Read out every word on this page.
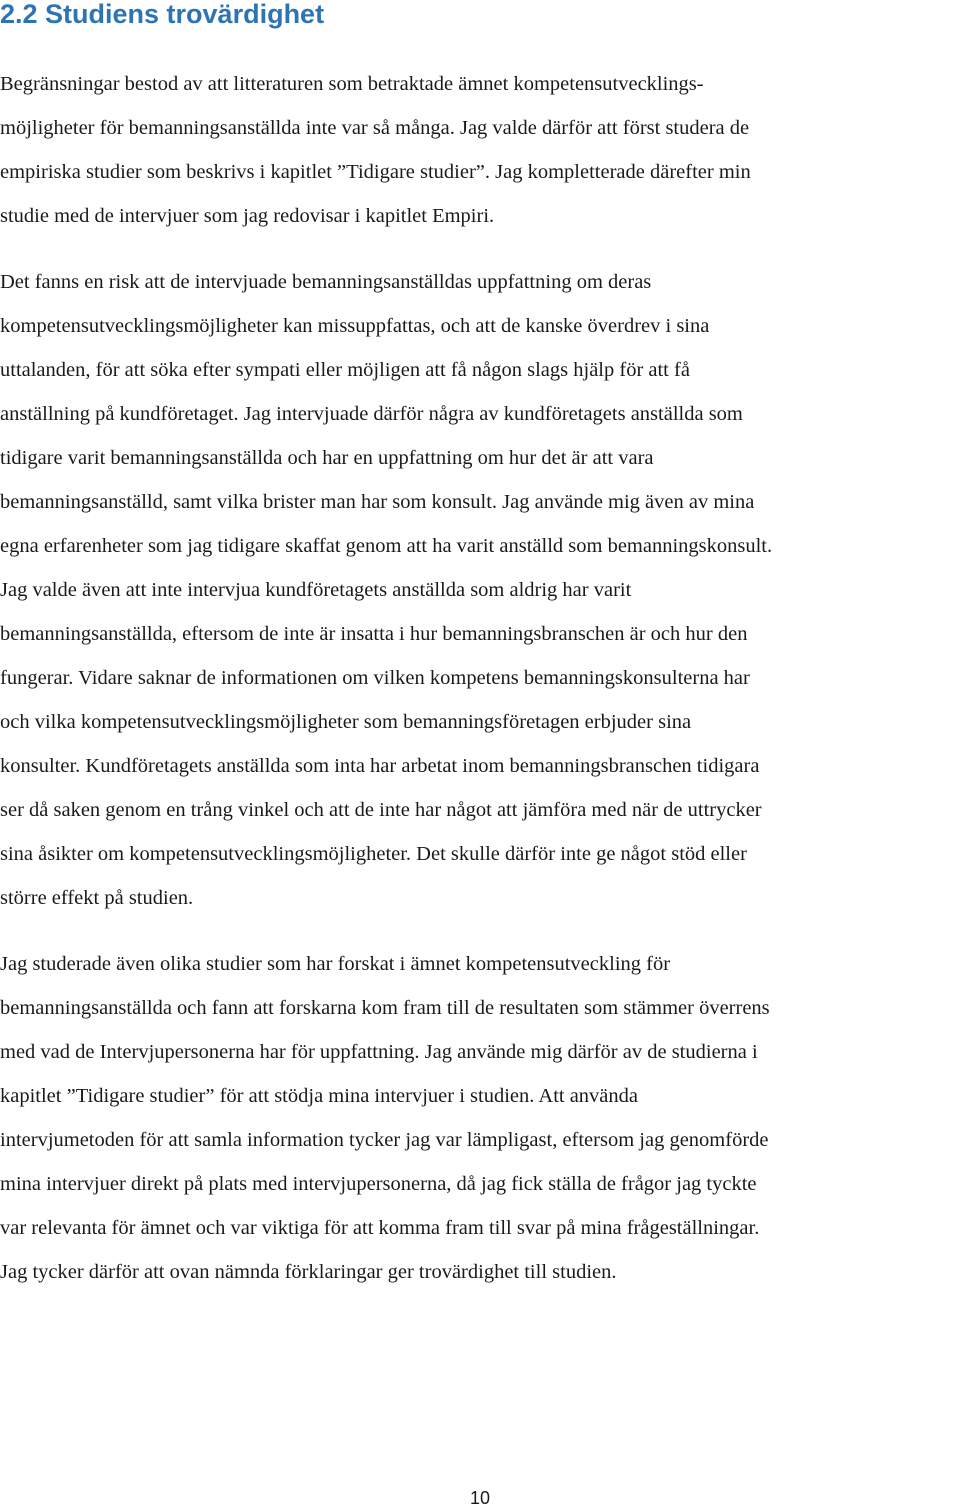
2.2 Studiens trovärdighet

Begränsningar bestod av att litteraturen som betraktade ämnet kompetensutvecklings-
möjligheter för bemanningsanställda inte var så många. Jag valde därför att först studera de
empiriska studier som beskrivs i kapitlet ”Tidigare studier”. Jag kompletterade därefter min
studie med de intervjuer som jag redovisar i kapitlet Empiri.

Det fanns en risk att de intervjuade bemanningsanställdas uppfattning om deras
kompetensutvecklingsmöjligheter kan missuppfattas, och att de kanske överdrev i sina
uttalanden, för att söka efter sympati eller möjligen att få någon slags hjälp för att få
anställning på kundföretaget. Jag intervjuade därför några av kundföretagets anställda som
tidigare varit bemanningsanställda och har en uppfattning om hur det är att vara
bemanningsanställd, samt vilka brister man har som konsult. Jag använde mig även av mina
egna erfarenheter som jag tidigare skaffat genom att ha varit anställd som bemanningskonsult.
Jag valde även att inte intervjua kundföretagets anställda som aldrig har varit
bemanningsanställda, eftersom de inte är insatta i hur bemanningsbranschen är och hur den
fungerar. Vidare saknar de informationen om vilken kompetens bemanningskonsulterna har
och vilka kompetensutvecklingsmöjligheter som bemanningsföretagen erbjuder sina
konsulter. Kundföretagets anställda som inta har arbetat inom bemanningsbranschen tidigara
ser då saken genom en trång vinkel och att de inte har något att jämföra med när de uttrycker
sina åsikter om kompetensutvecklingsmöjligheter. Det skulle därför inte ge något stöd eller
större effekt på studien.

Jag studerade även olika studier som har forskat i ämnet kompetensutveckling för
bemanningsanställda och fann att forskarna kom fram till de resultaten som stämmer överrens
med vad de Intervjupersonerna har för uppfattning. Jag använde mig därför av de studierna i
kapitlet ”Tidigare studier” för att stödja mina intervjuer i studien. Att använda
intervjumetoden för att samla information tycker jag var lämpligast, eftersom jag genomförde
mina intervjuer direkt på plats med intervjupersonerna, då jag fick ställa de frågor jag tyckte
var relevanta för ämnet och var viktiga för att komma fram till svar på mina frågeställningar.
Jag tycker därför att ovan nämnda förklaringar ger trovärdighet till studien.

10
